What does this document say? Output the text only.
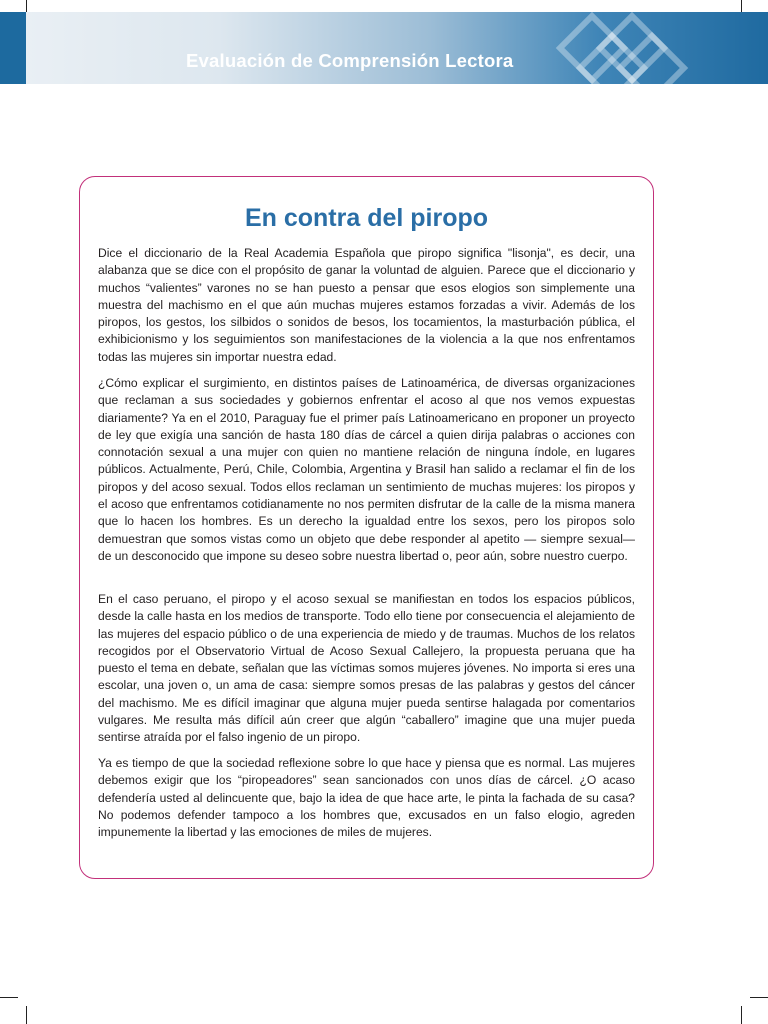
Evaluación de Comprensión Lectora
En contra del piropo

Dice el diccionario de la Real Academia Española que piropo significa "lisonja", es decir, una alabanza que se dice con el propósito de ganar la voluntad de alguien. Parece que el diccionario y muchos “valientes” varones no se han puesto a pensar que esos elogios son simplemente una muestra del machismo en el que aún muchas mujeres estamos forzadas a vivir. Además de los piropos, los gestos, los silbidos o sonidos de besos, los tocamientos, la masturbación pública, el exhibicionismo y los seguimientos son manifestaciones de la violencia a la que nos enfrentamos todas las mujeres sin importar nuestra edad.

¿Cómo explicar el surgimiento, en distintos países de Latinoamérica, de diversas organizaciones que reclaman a sus sociedades y gobiernos enfrentar el acoso al que nos vemos expuestas diariamente? Ya en el 2010, Paraguay fue el primer país Latinoamericano en proponer un proyecto de ley que exigía una sanción de hasta 180 días de cárcel a quien dirija palabras o acciones con connotación sexual a una mujer con quien no mantiene relación de ninguna índole, en lugares públicos. Actualmente, Perú, Chile, Colombia, Argentina y Brasil han salido a reclamar el fin de los piropos y del acoso sexual. Todos ellos reclaman un sentimiento de muchas mujeres: los piropos y el acoso que enfrentamos cotidianamente no nos permiten disfrutar de la calle de la misma manera que lo hacen los hombres. Es un derecho la igualdad entre los sexos, pero los piropos solo demuestran que somos vistas como un objeto que debe responder al apetito — siempre sexual— de un desconocido que impone su deseo sobre nuestra libertad o, peor aún, sobre nuestro cuerpo.

En el caso peruano, el piropo y el acoso sexual se manifiestan en todos los espacios públicos, desde la calle hasta en los medios de transporte. Todo ello tiene por consecuencia el alejamiento de las mujeres del espacio público o de una experiencia de miedo y de traumas. Muchos de los relatos recogidos por el Observatorio Virtual de Acoso Sexual Callejero, la propuesta peruana que ha puesto el tema en debate, señalan que las víctimas somos mujeres jóvenes. No importa si eres una escolar, una joven o, un ama de casa: siempre somos presas de las palabras y gestos del cáncer del machismo. Me es difícil imaginar que alguna mujer pueda sentirse halagada por comentarios vulgares. Me resulta más difícil aún creer que algún “caballero” imagine que una mujer pueda sentirse atraída por el falso ingenio de un piropo.

Ya es tiempo de que la sociedad reflexione sobre lo que hace y piensa que es normal. Las mujeres debemos exigir que los “piropeadores” sean sancionados con unos días de cárcel. ¿O acaso defendería usted al delincuente que, bajo la idea de que hace arte, le pinta la fachada de su casa? No podemos defender tampoco a los hombres que, excusados en un falso elogio, agreden impunemente la libertad y las emociones de miles de mujeres.
